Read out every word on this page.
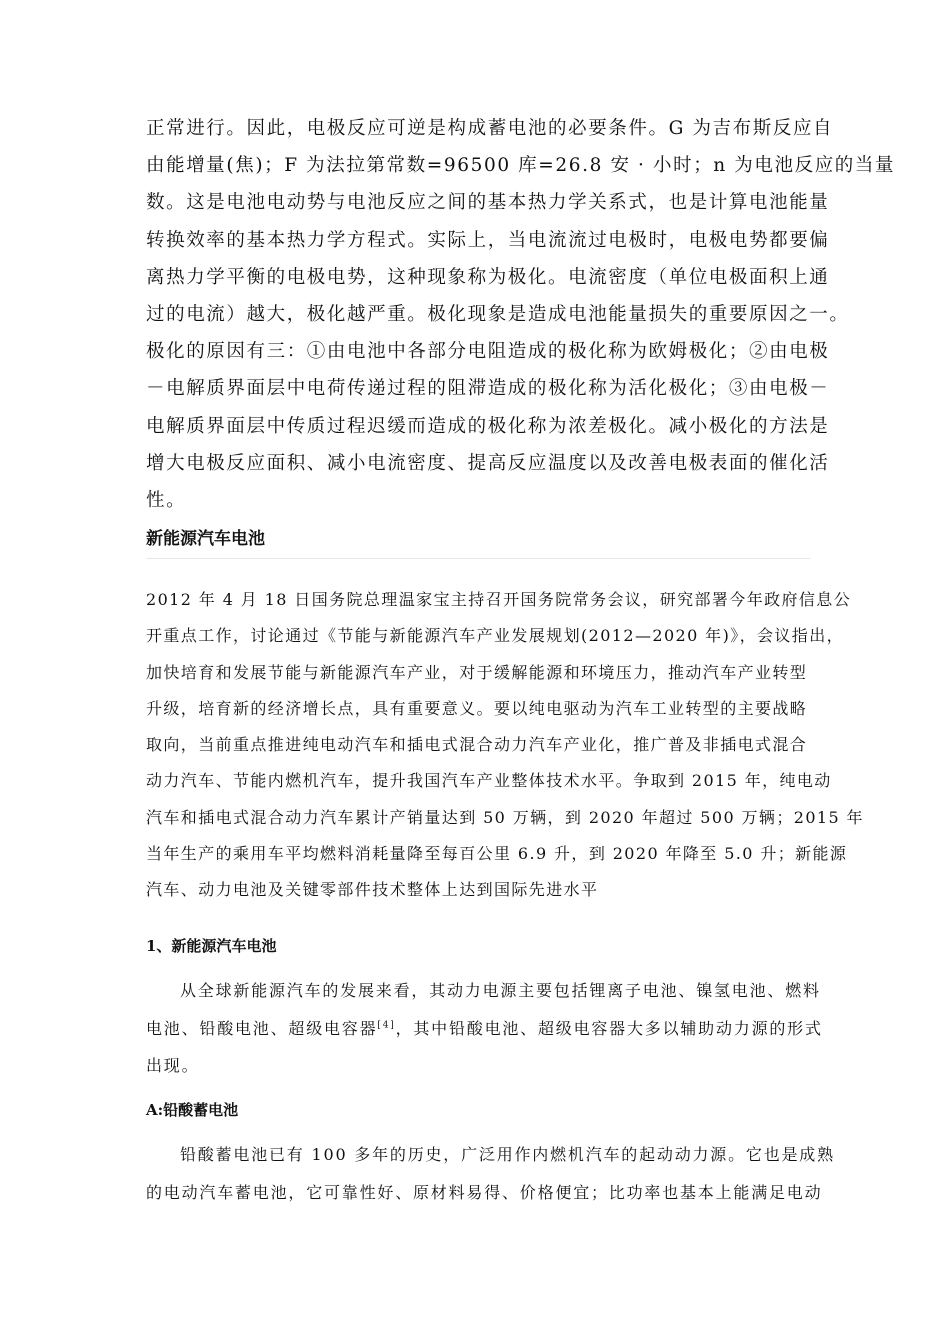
正常进行。因此，电极反应可逆是构成蓄电池的必要条件。G 为吉布斯反应自
由能增量(焦)；F 为法拉第常数=96500 库=26.8 安 · 小时；n 为电池反应的当量
数。这是电池电动势与电池反应之间的基本热力学关系式，也是计算电池能量
转换效率的基本热力学方程式。实际上，当电流流过电极时，电极电势都要偏
离热力学平衡的电极电势，这种现象称为极化。电流密度（单位电极面积上通
过的电流）越大，极化越严重。极化现象是造成电池能量损失的重要原因之一。
极化的原因有三：①由电池中各部分电阻造成的极化称为欧姆极化；②由电极
－电解质界面层中电荷传递过程的阻滞造成的极化称为活化极化；③由电极－
电解质界面层中传质过程迟缓而造成的极化称为浓差极化。减小极化的方法是
增大电极反应面积、减小电流密度、提高反应温度以及改善电极表面的催化活
性。
新能源汽车电池
2012 年 4 月 18 日国务院总理温家宝主持召开国务院常务会议，研究部署今年政府信息公
开重点工作，讨论通过《节能与新能源汽车产业发展规划(2012—2020 年)》，会议指出，
加快培育和发展节能与新能源汽车产业，对于缓解能源和环境压力，推动汽车产业转型
升级，培育新的经济增长点，具有重要意义。要以纯电驱动为汽车工业转型的主要战略
取向，当前重点推进纯电动汽车和插电式混合动力汽车产业化，推广普及非插电式混合
动力汽车、节能内燃机汽车，提升我国汽车产业整体技术水平。争取到 2015 年，纯电动
汽车和插电式混合动力汽车累计产销量达到 50 万辆，到 2020 年超过 500 万辆；2015 年
当年生产的乘用车平均燃料消耗量降至每百公里 6.9 升，到 2020 年降至 5.0 升；新能源
汽车、动力电池及关键零部件技术整体上达到国际先进水平
1、新能源汽车电池
从全球新能源汽车的发展来看，其动力电源主要包括锂离子电池、镍氢电池、燃料
电池、铅酸电池、超级电容器[4]，其中铅酸电池、超级电容器大多以辅助动力源的形式
出现。
A:铅酸蓄电池
铅酸蓄电池已有 100 多年的历史，广泛用作内燃机汽车的起动动力源。它也是成熟
的电动汽车蓄电池，它可靠性好、原材料易得、价格便宜；比功率也基本上能满足电动
